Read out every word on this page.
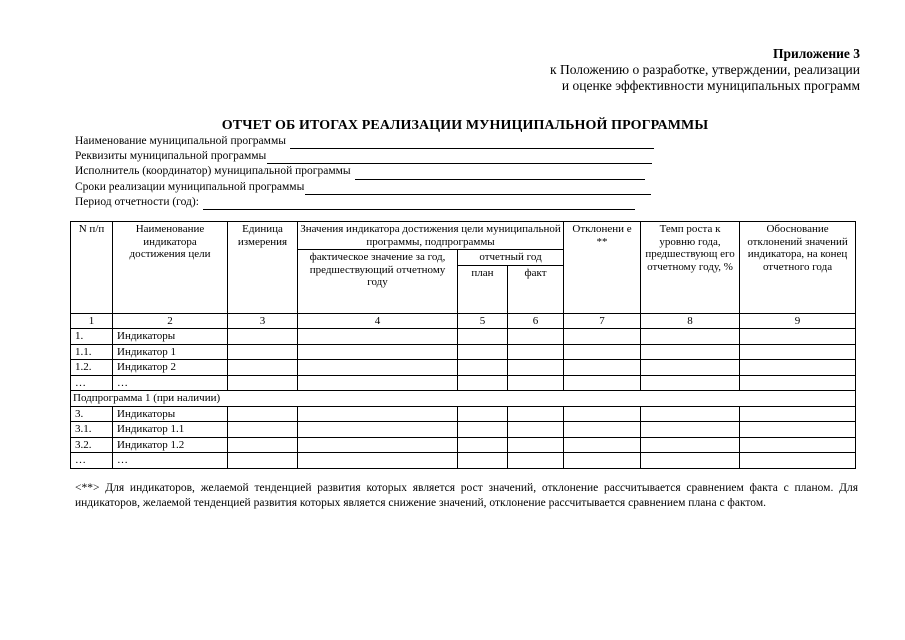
Приложение 3
к Положению о разработке, утверждении, реализации
и оценке эффективности муниципальных программ
ОТЧЕТ ОБ ИТОГАХ РЕАЛИЗАЦИИ МУНИЦИПАЛЬНОЙ ПРОГРАММЫ
Наименование муниципальной программы
Реквизиты муниципальной программы
Исполнитель (координатор) муниципальной программы
Сроки реализации муниципальной программы
Период отчетности (год):
N п/п	Наименование индикатора достижения цели	Единица измерения	Значения индикатора достижения цели муниципальной программы, подпрограммы			Отклонени е **	Темп роста к уровню года, предшествующ его отчетному году, %	Обоснование отклонений значений индикатора, на конец отчетного года
			фактическое значение за год, предшествующий отчетному году	отчетный год				
				план	факт			
1	2	3	4	5	6	7	8	9
1.	Индикаторы							
1.1.	Индикатор 1							
1.2.	Индикатор 2							
…	…							
Подпрограмма 1 (при наличии)								
3.	Индикаторы							
3.1.	Индикатор 1.1							
3.2.	Индикатор 1.2							
…	…							
<**> Для индикаторов, желаемой тенденцией развития которых является рост значений, отклонение рассчитывается сравнением факта с планом. Для индикаторов, желаемой тенденцией развития которых является снижение значений, отклонение рассчитывается сравнением плана с фактом.
